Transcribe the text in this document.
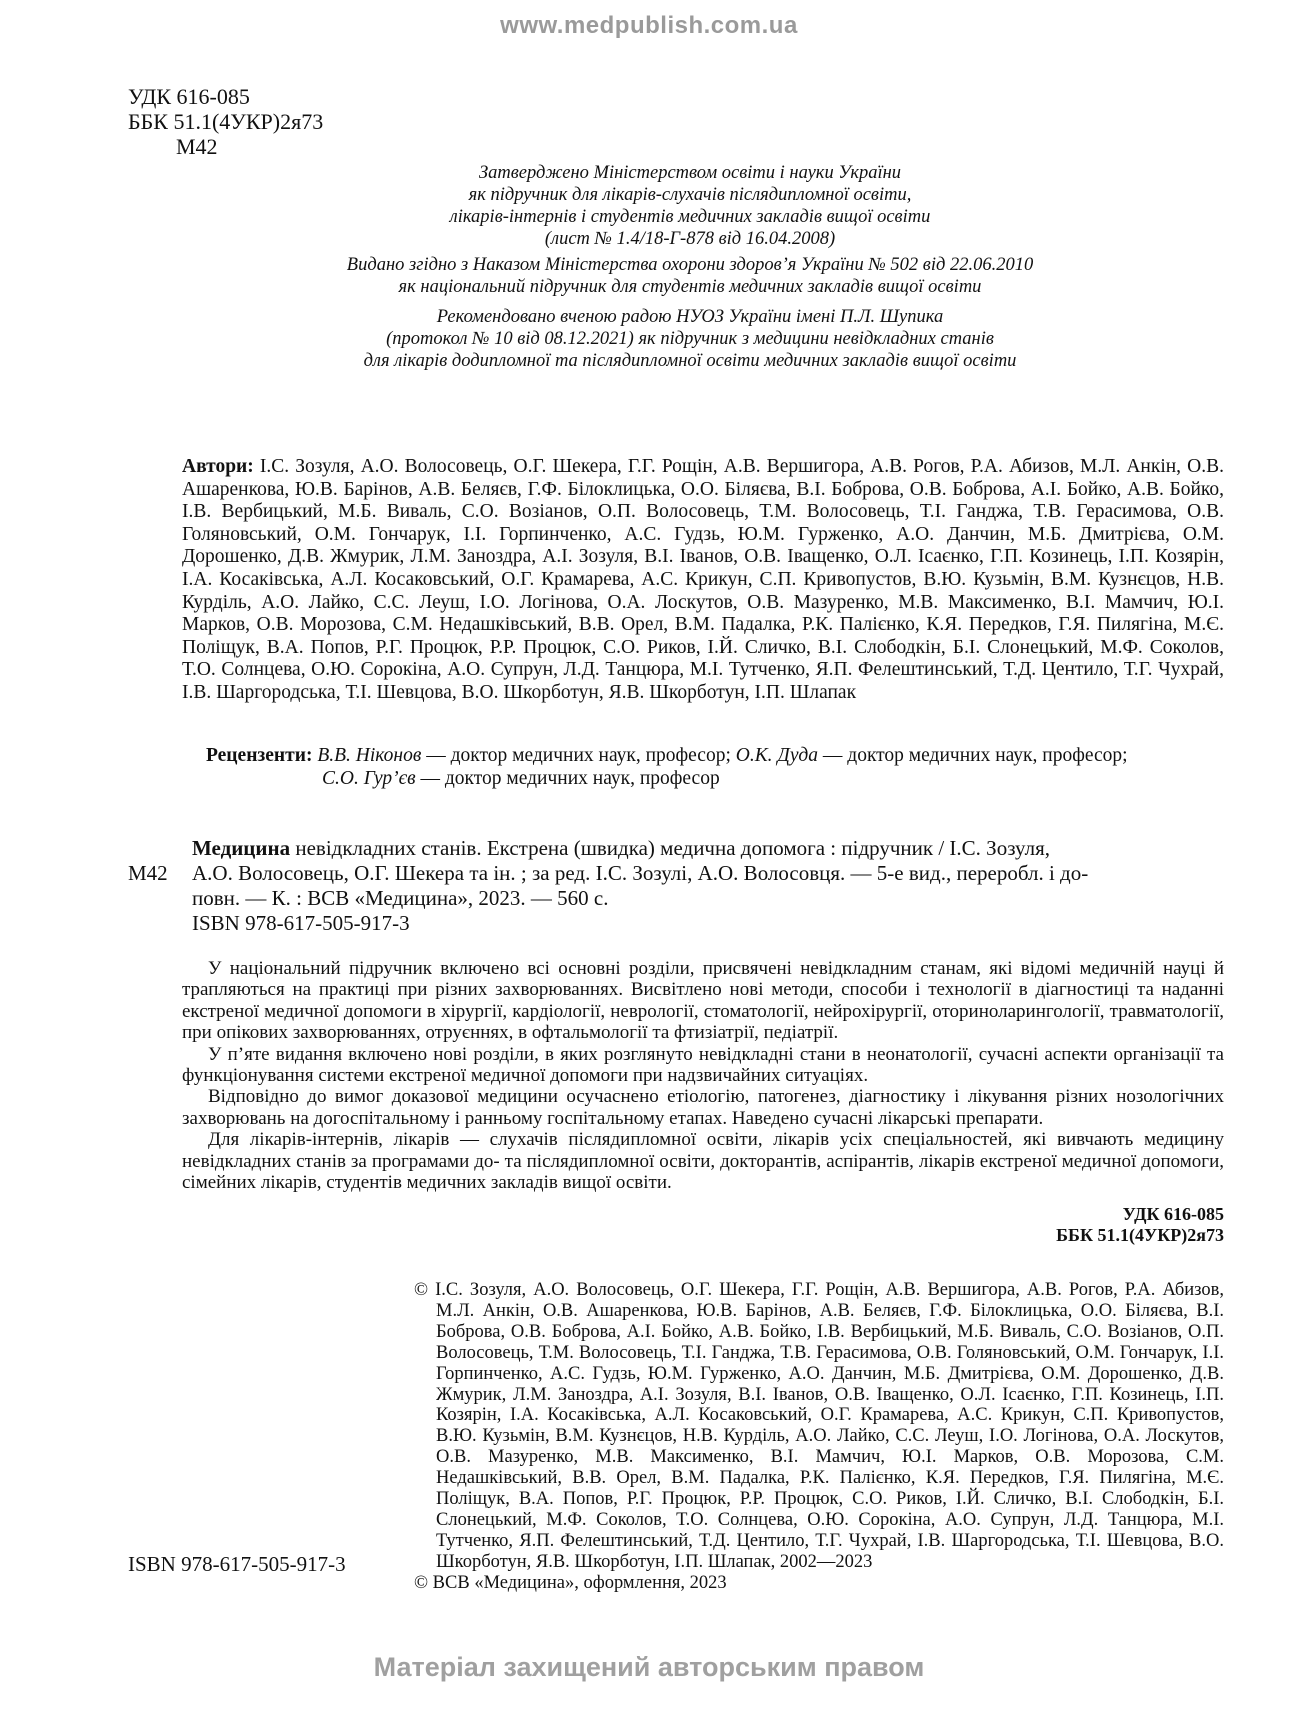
www.medpublish.com.ua
УДК 616-085
ББК 51.1(4УКР)2я73
М42

Затверджено Міністерством освіти і науки України
як підручник для лікарів-слухачів післядипломної освіти,
лікарів-інтернів і студентів медичних закладів вищої освіти
(лист № 1.4/18-Г-878 від 16.04.2008)

Видано згідно з Наказом Міністерства охорони здоров’я України № 502 від 22.06.2010
як національний підручник для студентів медичних закладів вищої освіти

Рекомендовано вченою радою НУОЗ України імені П.Л. Шупика
(протокол № 10 від 08.12.2021) як підручник з медицини невідкладних станів
для лікарів додипломної та післядипломної освіти медичних закладів вищої освіти

Автори: І.С. Зозуля, А.О. Волосовець, О.Г. Шекера, Г.Г. Рощін, А.В. Вершигора, А.В. Рогов, Р.А. Абизов, М.Л. Анкін, О.В. Ашаренкова, Ю.В. Барінов, А.В. Беляєв, Г.Ф. Білоклицька, О.О. Біляєва, В.І. Боброва, О.В. Боброва, А.І. Бойко, А.В. Бойко, І.В. Вербицький, М.Б. Виваль, С.О. Возіанов, О.П. Волосовець, Т.М. Волосовець, Т.І. Ганджа, Т.В. Герасимова, О.В. Голяновський, О.М. Гончарук, І.І. Горпинченко, А.С. Гудзь, Ю.М. Гурженко, А.О. Данчин, М.Б. Дмитрієва, О.М. Дорошенко, Д.В. Жмурик, Л.М. Заноздра, А.І. Зозуля, В.І. Іванов, О.В. Іващенко, О.Л. Ісаєнко, Г.П. Козинець, І.П. Козярін, І.А. Косаківська, А.Л. Косаковський, О.Г. Крамарева, А.С. Крикун, С.П. Кривопустов, В.Ю. Кузьмін, В.М. Кузнєцов, Н.В. Курділь, А.О. Лайко, С.С. Леуш, І.О. Логінова, О.А. Лоскутов, О.В. Мазуренко, М.В. Максименко, В.І. Мамчич, Ю.І. Марков, О.В. Морозова, С.М. Недашківський, В.В. Орел, В.М. Падалка, Р.К. Палієнко, К.Я. Передков, Г.Я. Пилягіна, М.Є. Поліщук, В.А. Попов, Р.Г. Процюк, Р.Р. Процюк, С.О. Риков, І.Й. Сличко, В.І. Слободкін, Б.І. Слонецький, М.Ф. Соколов, Т.О. Солнцева, О.Ю. Сорокіна, А.О. Супрун, Л.Д. Танцюра, М.І. Тутченко, Я.П. Фелештинський, Т.Д. Центило, Т.Г. Чухрай, І.В. Шаргородська, Т.І. Шевцова, В.О. Шкорботун, Я.В. Шкорботун, І.П. Шлапак
Рецензенти: В.В. Ніконов — доктор медичних наук, професор; О.К. Дуда — доктор медичних наук, професор;
С.О. Гур’єв — доктор медичних наук, професор
Медицина невідкладних станів. Екстрена (швидка) медична допомога : підручник / І.С. Зозуля,
М42 А.О. Волосовець, О.Г. Шекера та ін. ; за ред. І.С. Зозулі, А.О. Волосовця. — 5-е вид., переробл. і до-
повн. — К. : ВСВ «Медицина», 2023. — 560 с.
ISBN 978-617-505-917-3

У національний підручник включено всі основні розділи, присвячені невідкладним станам, які відомі медичній науці й трапляються на практиці при різних захворюваннях. Висвітлено нові методи, способи і технології в діагностиці та наданні екстреної медичної допомоги в хірургії, кардіології, неврології, стоматології, нейрохірургії, оториноларингології, травматології, при опікових захворюваннях, отруєннях, в офтальмології та фтизіатрії, педіатрії.

У п’яте видання включено нові розділи, в яких розглянуто невідкладні стани в неонатології, сучасні аспекти організації та функціонування системи екстреної медичної допомоги при надзвичайних ситуаціях.

Відповідно до вимог доказової медицини осучаснено етіологію, патогенез, діагностику і лікування різних нозологічних захворювань на догоспітальному і ранньому госпітальному етапах. Наведено сучасні лікарські препарати.

Для лікарів-інтернів, лікарів — слухачів післядипломної освіти, лікарів усіх спеціальностей, які вивчають медицину невідкладних станів за програмами до- та післядипломної освіти, докторантів, аспірантів, лікарів екстреної медичної допомоги, сімейних лікарів, студентів медичних закладів вищої освіти.

УДК 616-085
ББК 51.1(4УКР)2я73

© І.С. Зозуля, А.О. Волосовець, О.Г. Шекера, Г.Г. Рощін, А.В. Вершигора, А.В. Рогов, Р.А. Абизов, М.Л. Анкін, О.В. Ашаренкова, Ю.В. Барінов, А.В. Беляєв, Г.Ф. Білоклицька, О.О. Біляєва, В.І. Боброва, О.В. Боброва, А.І. Бойко, А.В. Бойко, І.В. Вербицький, М.Б. Виваль, С.О. Возіанов, О.П. Волосовець, Т.М. Волосовець, Т.І. Ганджа, Т.В. Герасимова, О.В. Голяновський, О.М. Гончарук, І.І. Горпинченко, А.С. Гудзь, Ю.М. Гурженко, А.О. Данчин, М.Б. Дмитрієва, О.М. Дорошенко, Д.В. Жмурик, Л.М. Заноздра, А.І. Зозуля, В.І. Іванов, О.В. Іващенко, О.Л. Ісаєнко, Г.П. Козинець, І.П. Козярін, І.А. Косаківська, А.Л. Косаковський, О.Г. Крамарева, А.С. Крикун, С.П. Кривопустов, В.Ю. Кузьмін, В.М. Кузнєцов, Н.В. Курділь, А.О. Лайко, С.С. Леуш, І.О. Логінова, О.А. Лоскутов, О.В. Мазуренко, М.В. Максименко, В.І. Мамчич, Ю.І. Марков, О.В. Морозова, С.М. Недашківський, В.В. Орел, В.М. Падалка, Р.К. Палієнко, К.Я. Передков, Г.Я. Пилягіна, М.Є. Поліщук, В.А. Попов, Р.Г. Процюк, Р.Р. Процюк, С.О. Риков, І.Й. Сличко, В.І. Слободкін, Б.І. Слонецький, М.Ф. Соколов, Т.О. Солнцева, О.Ю. Сорокіна, А.О. Супрун, Л.Д. Танцюра, М.І. Тутченко, Я.П. Фелештинський, Т.Д. Центило, Т.Г. Чухрай, І.В. Шаргородська, Т.І. Шевцова, В.О. Шкорботун, Я.В. Шкорботун, І.П. Шлапак, 2002—2023

© ВСВ «Медицина», оформлення, 2023

ISBN 978-617-505-917-3
Матеріал захищений авторським правом
